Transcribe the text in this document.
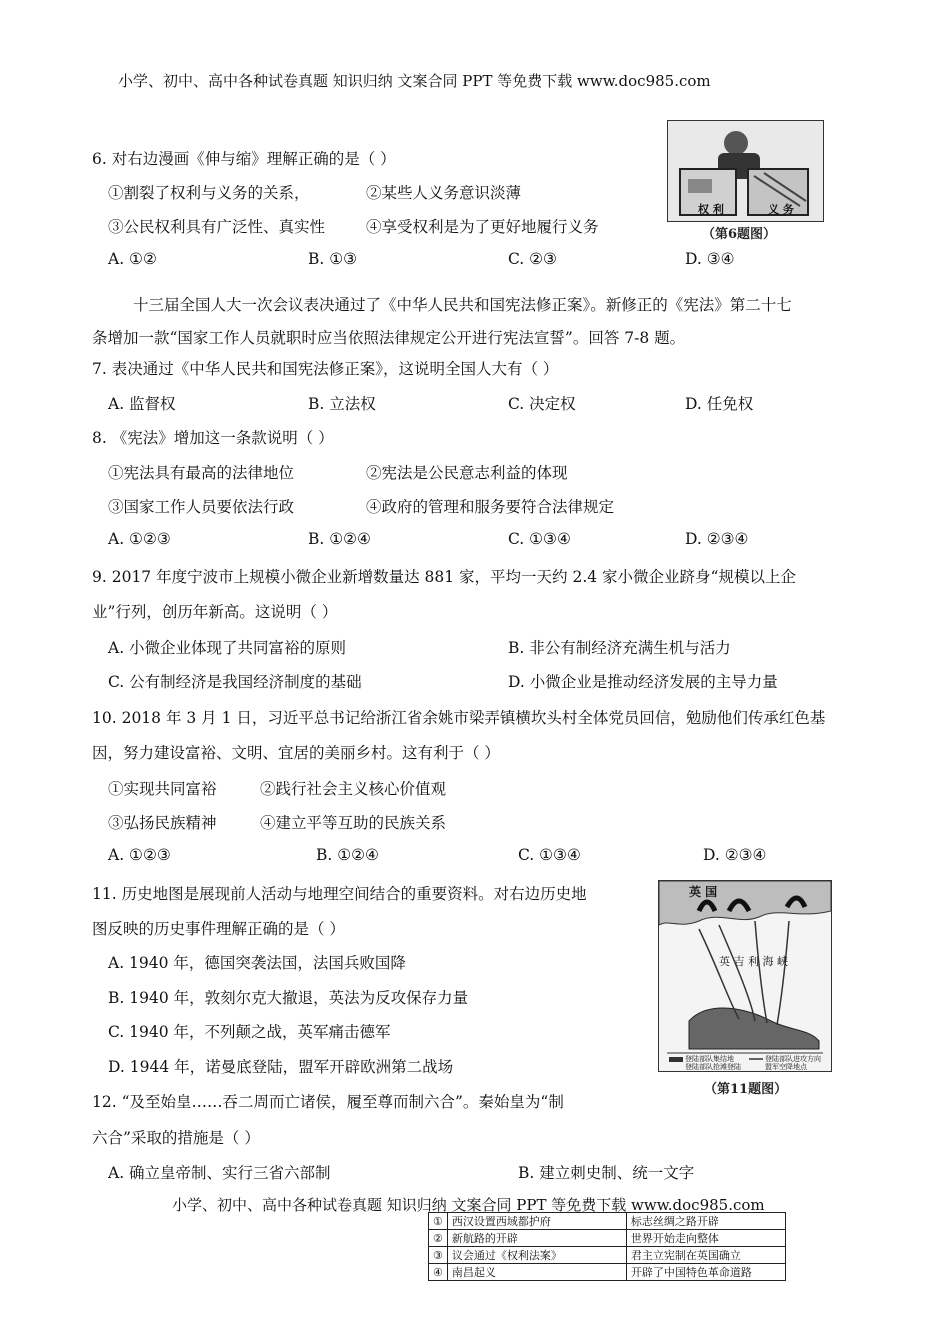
小学、初中、高中各种试卷真题 知识归纳 文案合同 PPT 等免费下载 www.doc985.com
6. 对右边漫画《伸与缩》理解正确的是（ ）
①割裂了权利与义务的关系，	②某些人义务意识淡薄
③公民权利具有广泛性、真实性	④享受权利是为了更好地履行义务
A. ①②	B. ①③	C. ②③	D. ③④
权 利	义 务
（第6题图）
十三届全国人大一次会议表决通过了《中华人民共和国宪法修正案》。新修正的《宪法》第二十七
条增加一款“国家工作人员就职时应当依照法律规定公开进行宪法宣誓”。回答 7-8 题。
7. 表决通过《中华人民共和国宪法修正案》，这说明全国人大有（ ）
A. 监督权	B. 立法权	C. 决定权	D. 任免权
8. 《宪法》增加这一条款说明（ ）
①宪法具有最高的法律地位	②宪法是公民意志利益的体现
③国家工作人员要依法行政	④政府的管理和服务要符合法律规定
A. ①②③	B. ①②④	C. ①③④	D. ②③④
9. 2017 年度宁波市上规模小微企业新增数量达 881 家，平均一天约 2.4 家小微企业跻身“规模以上企
业”行列，创历年新高。这说明（ ）
A. 小微企业体现了共同富裕的原则	B. 非公有制经济充满生机与活力
C. 公有制经济是我国经济制度的基础	D. 小微企业是推动经济发展的主导力量
10. 2018 年 3 月 1 日，习近平总书记给浙江省余姚市梁弄镇横坎头村全体党员回信，勉励他们传承红色基
因，努力建设富裕、文明、宜居的美丽乡村。这有利于（ ）
①实现共同富裕	②践行社会主义核心价值观
③弘扬民族精神	④建立平等互助的民族关系
A. ①②③	B. ①②④	C. ①③④	D. ②③④
11. 历史地图是展现前人活动与地理空间结合的重要资料。对右边历史地
图反映的历史事件理解正确的是（ ）
A. 1940 年，德国突袭法国，法国兵败国降
B. 1940 年，敦刻尔克大撤退，英法为反攻保存力量
C. 1940 年，不列颠之战，英军痛击德军
D. 1944 年，诺曼底登陆，盟军开辟欧洲第二战场
英 国
英 吉 利 海 峡
登陆部队集结地	登陆部队进攻方向
登陆部队抢滩登陆	盟军空降地点
（第11题图）
12. “及至始皇……吞二周而亡诸侯，履至尊而制六合”。秦始皇为“制
六合”采取的措施是（ ）
A. 确立皇帝制、实行三省六部制	B. 建立刺史制、统一文字
小学、初中、高中各种试卷真题 知识归纳 文案合同 PPT 等免费下载 www.doc985.com
①	西汉设置西域都护府	标志丝绸之路开辟
②	新航路的开辟	世界开始走向整体
③	议会通过《权利法案》	君主立宪制在英国确立
④	南昌起义	开辟了中国特色革命道路
